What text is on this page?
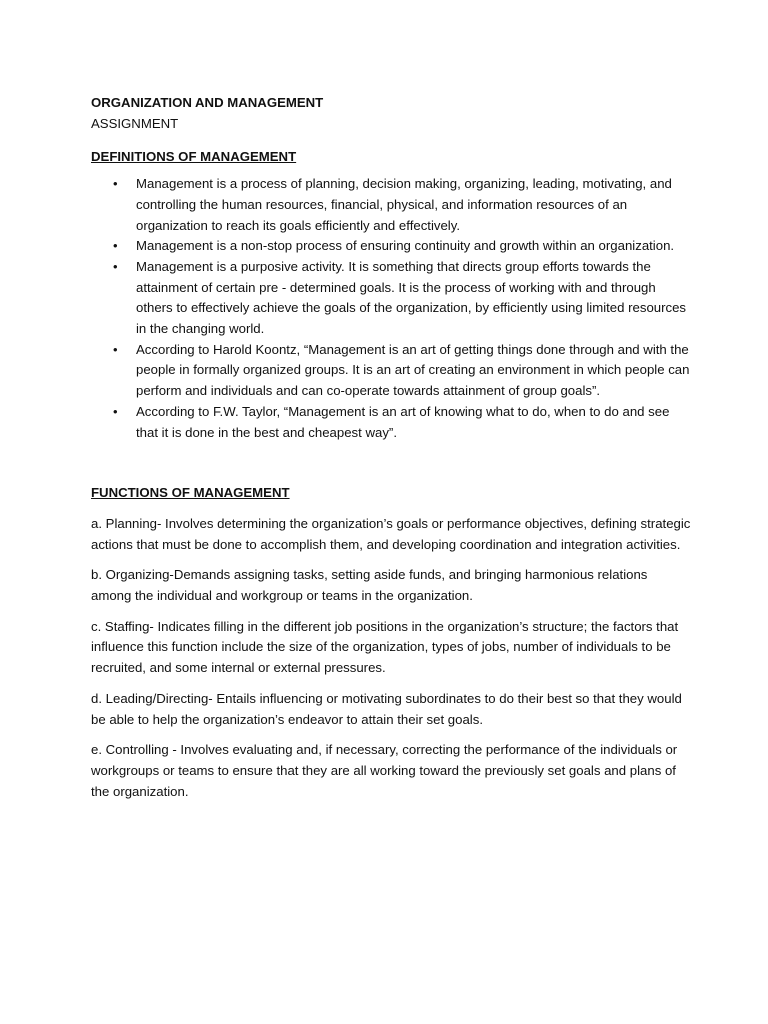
ORGANIZATION AND MANAGEMENT

ASSIGNMENT

DEFINITIONS OF MANAGEMENT

• Management is a process of planning, decision making, organizing, leading, motivating, and controlling the human resources, financial, physical, and information resources of an organization to reach its goals efficiently and effectively.
• Management is a non-stop process of ensuring continuity and growth within an organization.
• Management is a purposive activity. It is something that directs group efforts towards the attainment of certain pre - determined goals. It is the process of working with and through others to effectively achieve the goals of the organization, by efficiently using limited resources in the changing world.
• According to Harold Koontz, “Management is an art of getting things done through and with the people in formally organized groups. It is an art of creating an environment in which people can perform and individuals and can co-operate towards attainment of group goals”.
• According to F.W. Taylor, “Management is an art of knowing what to do, when to do and see that it is done in the best and cheapest way”.

FUNCTIONS OF MANAGEMENT

a. Planning- Involves determining the organization’s goals or performance objectives, defining strategic actions that must be done to accomplish them, and developing coordination and integration activities.

b. Organizing-Demands assigning tasks, setting aside funds, and bringing harmonious relations among the individual and workgroup or teams in the organization.

c. Staffing- Indicates filling in the different job positions in the organization’s structure; the factors that influence this function include the size of the organization, types of jobs, number of individuals to be recruited, and some internal or external pressures.

d. Leading/Directing- Entails influencing or motivating subordinates to do their best so that they would be able to help the organization’s endeavor to attain their set goals.

e. Controlling - Involves evaluating and, if necessary, correcting the performance of the individuals or workgroups or teams to ensure that they are all working toward the previously set goals and plans of the organization.
